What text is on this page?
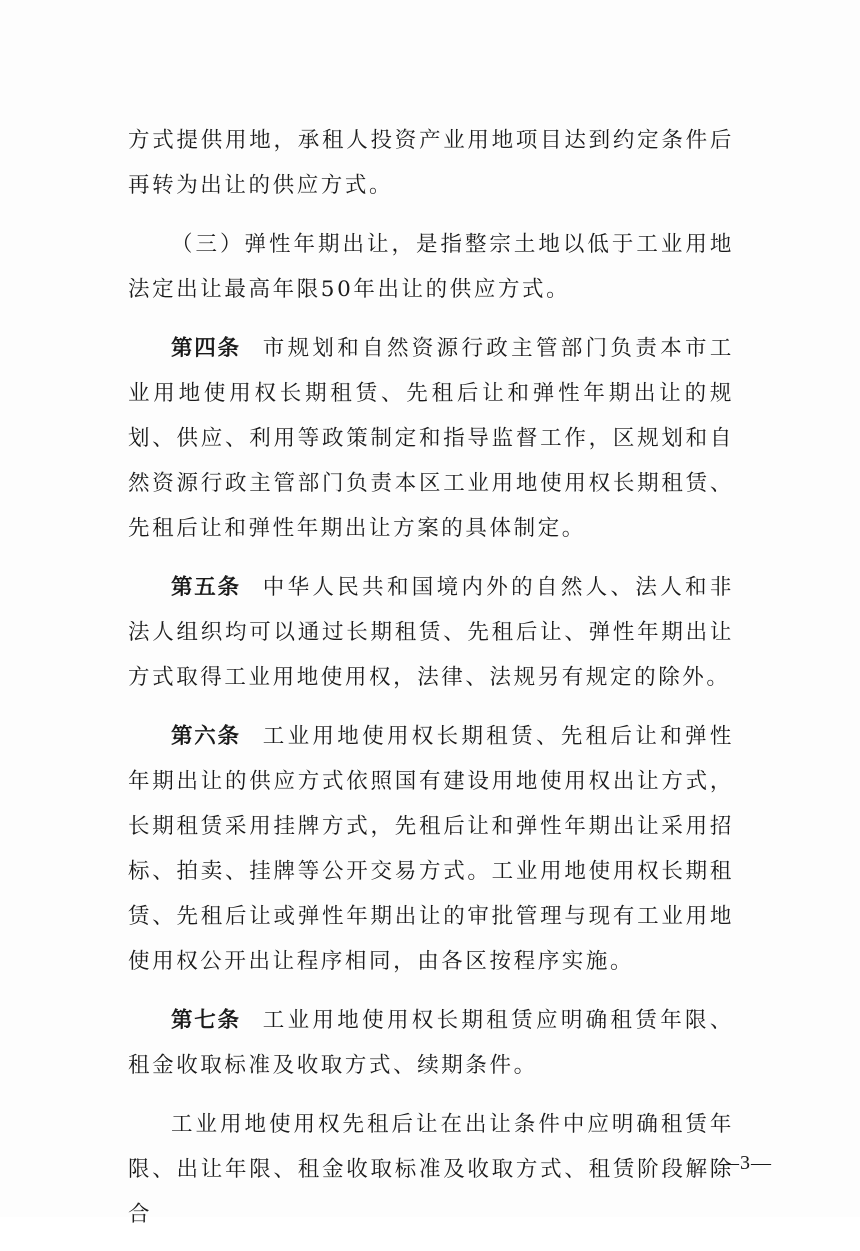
方式提供用地，承租人投资产业用地项目达到约定条件后再转为出让的供应方式。

（三）弹性年期出让，是指整宗土地以低于工业用地法定出让最高年限50年出让的供应方式。

第四条 市规划和自然资源行政主管部门负责本市工业用地使用权长期租赁、先租后让和弹性年期出让的规划、供应、利用等政策制定和指导监督工作，区规划和自然资源行政主管部门负责本区工业用地使用权长期租赁、先租后让和弹性年期出让方案的具体制定。

第五条 中华人民共和国境内外的自然人、法人和非法人组织均可以通过长期租赁、先租后让、弹性年期出让方式取得工业用地使用权，法律、法规另有规定的除外。

第六条 工业用地使用权长期租赁、先租后让和弹性年期出让的供应方式依照国有建设用地使用权出让方式，长期租赁采用挂牌方式，先租后让和弹性年期出让采用招标、拍卖、挂牌等公开交易方式。工业用地使用权长期租赁、先租后让或弹性年期出让的审批管理与现有工业用地使用权公开出让程序相同，由各区按程序实施。

第七条 工业用地使用权长期租赁应明确租赁年限、租金收取标准及收取方式、续期条件。

工业用地使用权先租后让在出让条件中应明确租赁年限、出让年限、租金收取标准及收取方式、租赁阶段解除合

—3—
